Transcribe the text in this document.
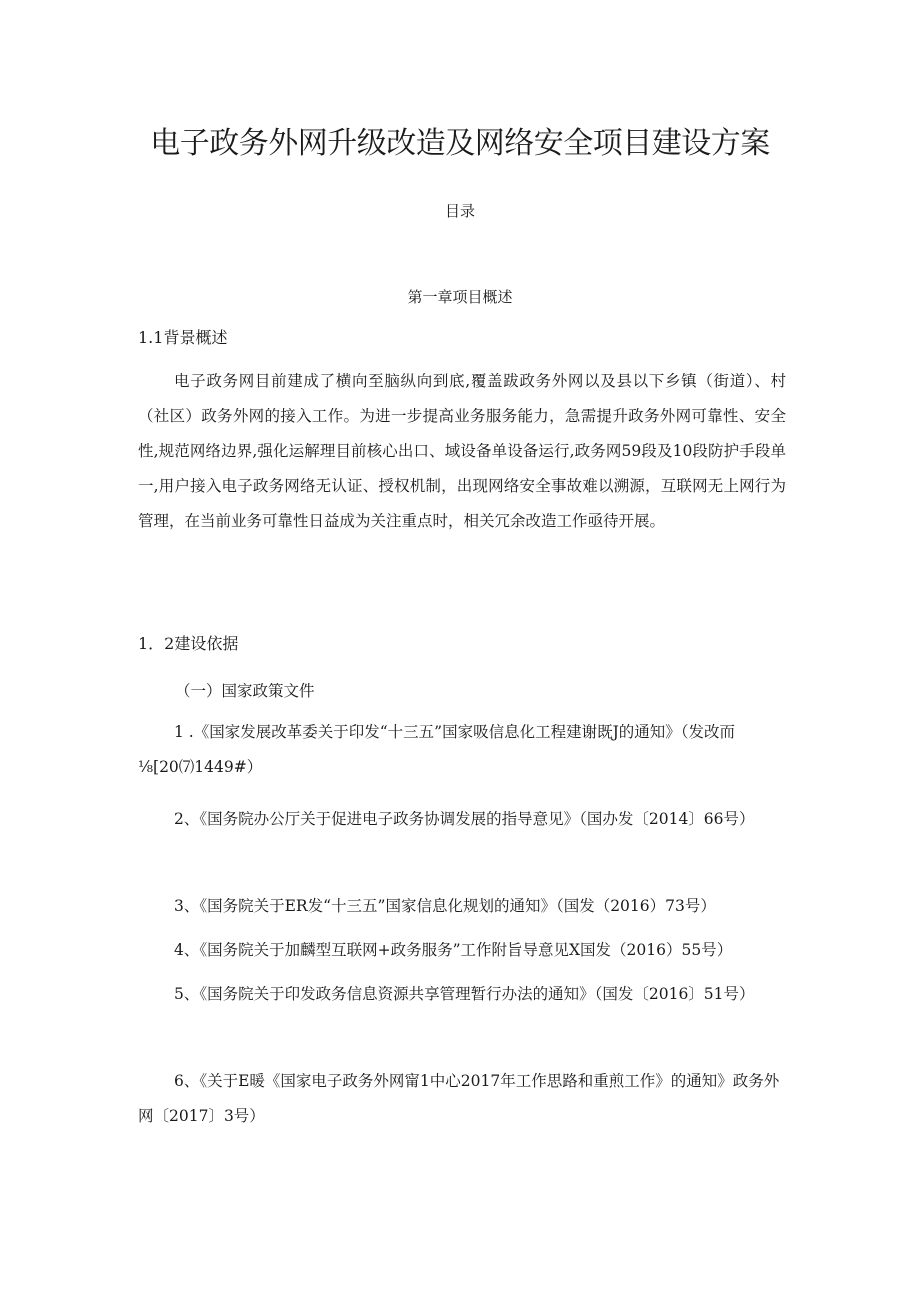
电子政务外网升级改造及网络安全项目建设方案
目录
第一章项目概述
1.1背景概述

电子政务网目前建成了横向至脑纵向到底,覆盖跋政务外网以及县以下乡镇（街道）、村（社区）政务外网的接入工作。为进一步提高业务服务能力，急需提升政务外网可靠性、安全性,规范网络边界,强化运解理目前核心出口、域设备单设备运行,政务网59段及10段防护手段单一,用户接入电子政务网络无认证、授权机制，出现网络安全事故难以溯源，互联网无上网行为管理，在当前业务可靠性日益成为关注重点时，相关冗余改造工作亟待开展。

1．2建设依据
（一）国家政策文件

1 .《国家发展改革委关于印发“十三五”国家吸信息化工程建谢既J的通知》（发改而⅛[20⑺1449#）

2、《国务院办公厅关于促进电子政务协调发展的指导意见》（国办发〔2014〕66号）

3、《国务院关于ER发“十三五”国家信息化规划的通知》（国发（2016）73号）

4、《国务院关于加麟型互联网+政务服务”工作附旨导意见X国发（2016）55号）

5、《国务院关于印发政务信息资源共享管理暂行办法的通知》（国发〔2016〕51号）

6、《关于E暖《国家电子政务外网甯1中心2017年工作思路和重煎工作》的通知》政务外网〔2017〕3号）
